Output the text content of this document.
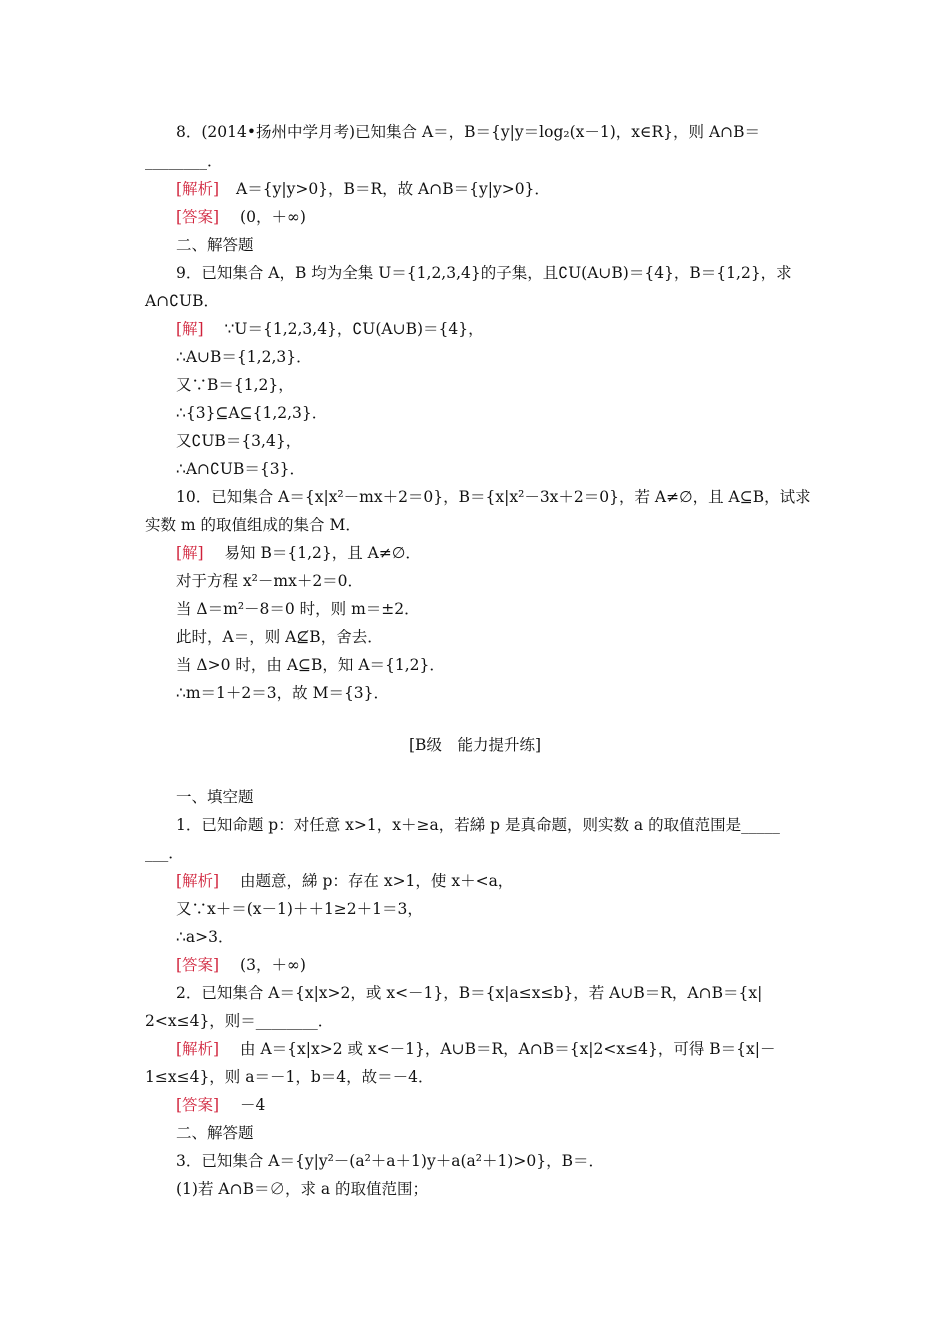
8．(2014•扬州中学月考)已知集合 A＝，B＝{y|y＝log₂(x－1)，x∈R}，则 A∩B＝
________．
[解析] A＝{y|y>0}，B＝R，故 A∩B＝{y|y>0}．
[答案] (0，＋∞)
二、解答题
9．已知集合 A，B 均为全集 U＝{1,2,3,4}的子集，且∁U(A∪B)＝{4}，B＝{1,2}，求
A∩∁UB．
[解] ∵U＝{1,2,3,4}，∁U(A∪B)＝{4}，
∴A∪B＝{1,2,3}．
又∵B＝{1,2}，
∴{3}⊆A⊆{1,2,3}．
又∁UB＝{3,4}，
∴A∩∁UB＝{3}．
10．已知集合 A＝{x|x²－mx＋2＝0}，B＝{x|x²－3x＋2＝0}，若 A≠∅，且 A⊆B，试求
实数 m 的取值组成的集合 M．
[解] 易知 B＝{1,2}，且 A≠∅．
对于方程 x²－mx＋2＝0．
当 Δ＝m²－8＝0 时，则 m＝±2．
此时，A＝，则 A⊈B，舍去．
当 Δ>0 时，由 A⊆B，知 A＝{1,2}．
∴m＝1＋2＝3，故 M＝{3}．
[B级　能力提升练]
一、填空题
1．已知命题 p：对任意 x>1，x＋≥a，若綈 p 是真命题，则实数 a 的取值范围是_____
___．
[解析] 由题意，綈 p：存在 x>1，使 x＋<a，
又∵x＋＝(x－1)＋＋1≥2＋1＝3，
∴a>3．
[答案] (3，＋∞)
2．已知集合 A＝{x|x>2，或 x<－1}，B＝{x|a≤x≤b}，若 A∪B＝R，A∩B＝{x|
2<x≤4}，则＝________．
[解析] 由 A＝{x|x>2 或 x<－1}，A∪B＝R，A∩B＝{x|2<x≤4}，可得 B＝{x|－
1≤x≤4}，则 a＝－1，b＝4，故＝－4．
[答案] －4
二、解答题
3．已知集合 A＝{y|y²－(a²＋a＋1)y＋a(a²＋1)>0}，B＝．
(1)若 A∩B＝∅，求 a 的取值范围；
